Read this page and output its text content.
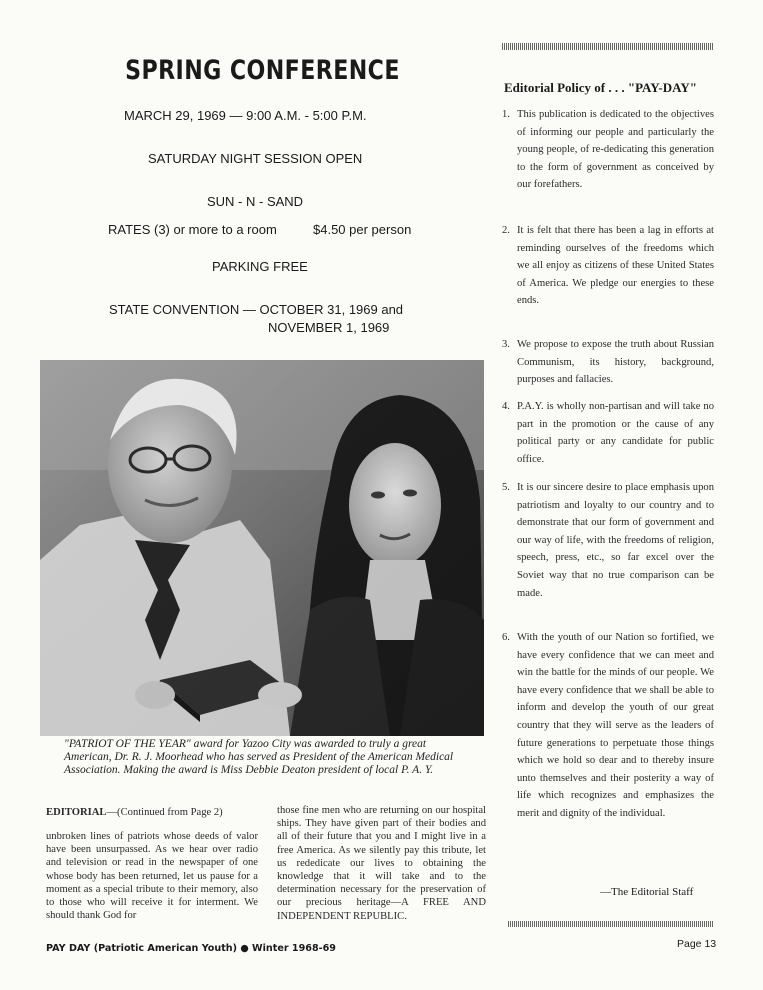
SPRING CONFERENCE
MARCH 29, 1969 — 9:00 A.M. - 5:00 P.M.
SATURDAY NIGHT SESSION OPEN
SUN - N - SAND
RATES (3) or more to a room	$4.50 per person
PARKING FREE
STATE CONVENTION — OCTOBER 31, 1969 and
NOVEMBER 1, 1969
"PATRIOT OF THE YEAR" award for Yazoo City was awarded to truly a great American, Dr. R. J. Moorhead who has served as President of the American Medical Association. Making the award is Miss Debbie Deaton president of local P. A. Y.
EDITORIAL—(Continued from Page 2)

unbroken lines of patriots whose deeds of valor have been unsurpassed. As we hear over radio and television or read in the newspaper of one whose body has been returned, let us pause for a moment as a special tribute to their memory, also to those who will receive it for interment. We should thank God for

those fine men who are returning on our hospital ships. They have given part of their bodies and all of their future that you and I might live in a free America. As we silently pay this tribute, let us rededicate our lives to obtaining the knowledge that it will take and to the determination necessary for the preservation of our precious heritage—A FREE AND INDEPENDENT REPUBLIC.

Editorial Policy of . . . "PAY-DAY"
1. This publication is dedicated to the objectives of informing our people and particularly the young people, of re-dedicating this generation to the form of government as conceived by our forefathers.
2. It is felt that there has been a lag in efforts at reminding ourselves of the freedoms which we all enjoy as citizens of these United States of America. We pledge our energies to these ends.
3. We propose to expose the truth about Russian Communism, its history, background, purposes and fallacies.
4. P.A.Y. is wholly non-partisan and will take no part in the promotion or the cause of any political party or any candidate for public office.
5. It is our sincere desire to place emphasis upon patriotism and loyalty to our country and to demonstrate that our form of government and our way of life, with the freedoms of religion, speech, press, etc., so far excel over the Soviet way that no true comparison can be made.
6. With the youth of our Nation so fortified, we have every confidence that we can meet and win the battle for the minds of our people. We have every confidence that we shall be able to inform and develop the youth of our great country that they will serve as the leaders of future generations to perpetuate those things which we hold so dear and to thereby insure unto themselves and their posterity a way of life which recognizes and emphasizes the merit and dignity of the individual.
—The Editorial Staff
PAY DAY (Patriotic American Youth) ● Winter 1968-69	Page 13
